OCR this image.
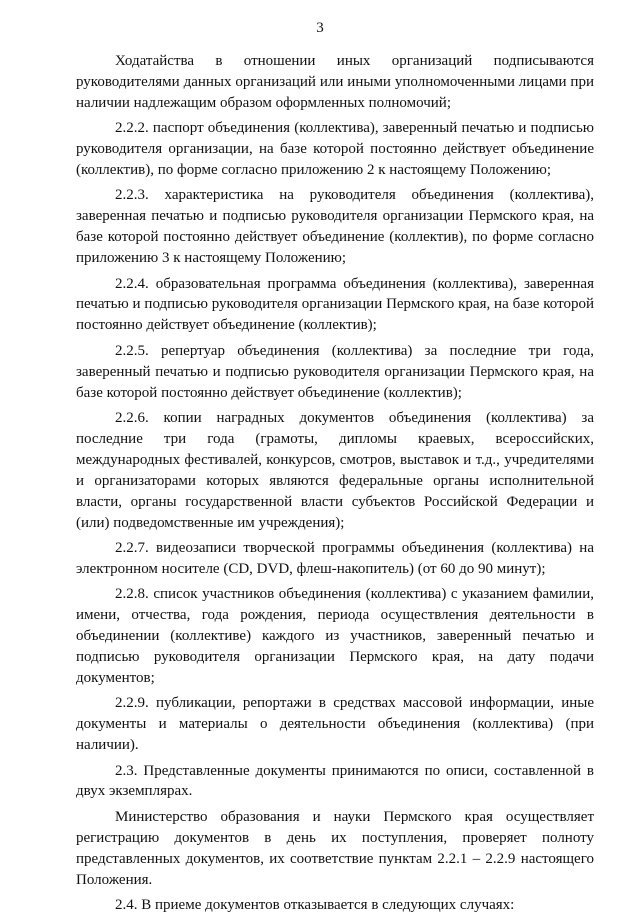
3

Ходатайства в отношении иных организаций подписываются руководителями данных организаций или иными уполномоченными лицами при наличии надлежащим образом оформленных полномочий;

2.2.2. паспорт объединения (коллектива), заверенный печатью и подписью руководителя организации, на базе которой постоянно действует объединение (коллектив), по форме согласно приложению 2 к настоящему Положению;

2.2.3. характеристика на руководителя объединения (коллектива), заверенная печатью и подписью руководителя организации Пермского края, на базе которой постоянно действует объединение (коллектив), по форме согласно приложению 3 к настоящему Положению;

2.2.4. образовательная программа объединения (коллектива), заверенная печатью и подписью руководителя организации Пермского края, на базе которой постоянно действует объединение (коллектив);

2.2.5. репертуар объединения (коллектива) за последние три года, заверенный печатью и подписью руководителя организации Пермского края, на базе которой постоянно действует объединение (коллектив);

2.2.6. копии наградных документов объединения (коллектива) за последние три года (грамоты, дипломы краевых, всероссийских, международных фестивалей, конкурсов, смотров, выставок и т.д., учредителями и организаторами которых являются федеральные органы исполнительной власти, органы государственной власти субъектов Российской Федерации и (или) подведомственные им учреждения);

2.2.7. видеозаписи творческой программы объединения (коллектива) на электронном носителе (CD, DVD, флеш-накопитель) (от 60 до 90 минут);

2.2.8. список участников объединения (коллектива) с указанием фамилии, имени, отчества, года рождения, периода осуществления деятельности в объединении (коллективе) каждого из участников, заверенный печатью и подписью руководителя организации Пермского края, на дату подачи документов;

2.2.9. публикации, репортажи в средствах массовой информации, иные документы и материалы о деятельности объединения (коллектива) (при наличии).

2.3. Представленные документы принимаются по описи, составленной в двух экземплярах.

Министерство образования и науки Пермского края осуществляет регистрацию документов в день их поступления, проверяет полноту представленных документов, их соответствие пунктам 2.2.1 – 2.2.9 настоящего Положения.

2.4. В приеме документов отказывается в следующих случаях:
